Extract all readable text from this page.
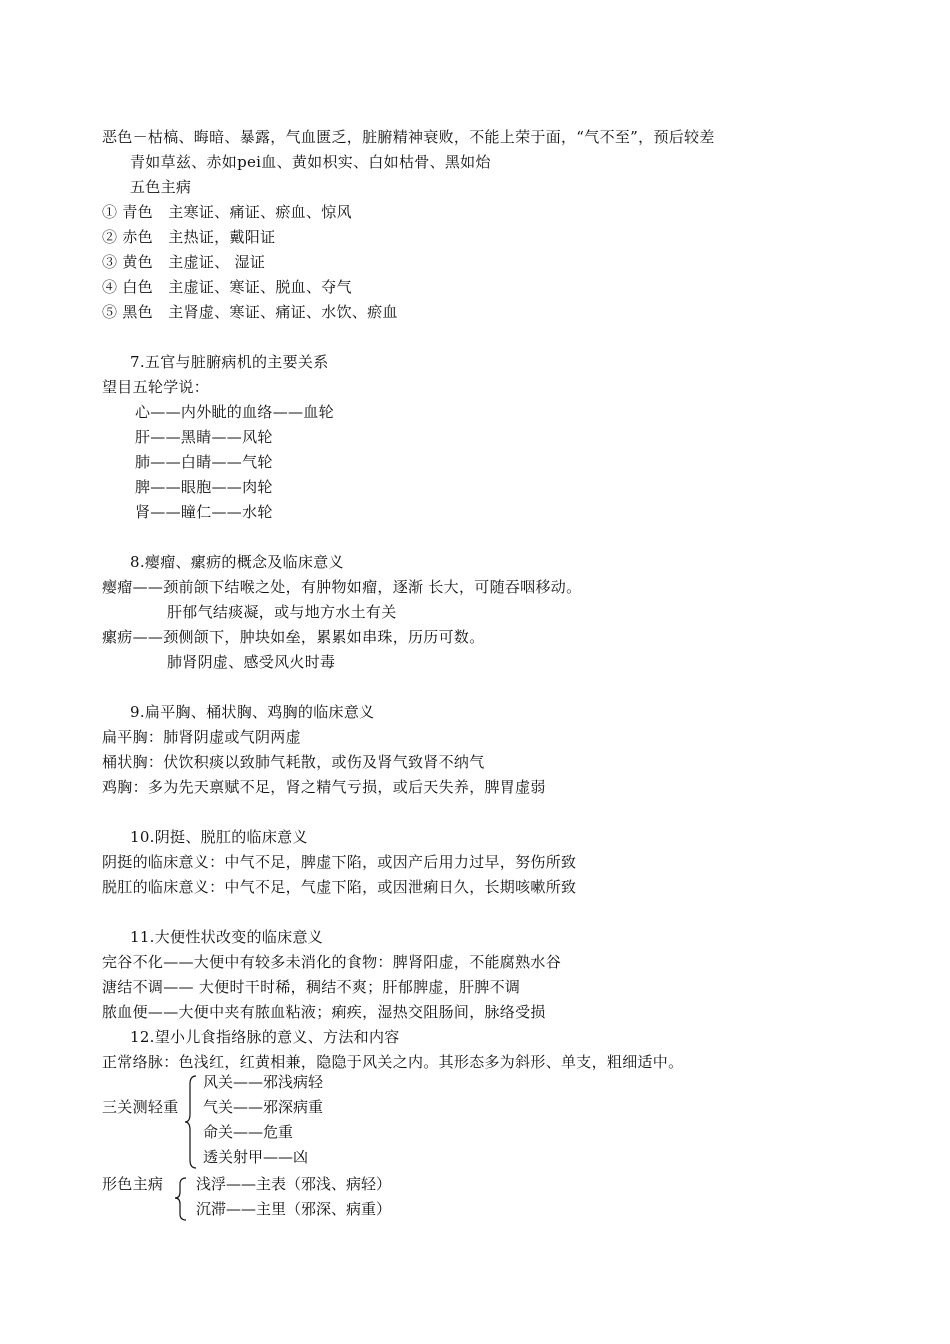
恶色－枯槁、晦暗、暴露，气血匮乏，脏腑精神衰败，不能上荣于面，“气不至”，预后较差
青如草兹、赤如pei血、黄如枳实、白如枯骨、黑如炲
五色主病
① 青色　主寒证、痛证、瘀血、惊风
② 赤色　主热证，戴阳证
③ 黄色　主虚证、 湿证
④ 白色　主虚证、寒证、脱血、夺气
⑤ 黑色　主肾虚、寒证、痛证、水饮、瘀血
7.五官与脏腑病机的主要关系
望目五轮学说：
心——内外眦的血络——血轮
肝——黑睛——风轮
肺——白睛——气轮
脾——眼胞——肉轮
肾——瞳仁——水轮
8.瘿瘤、瘰疬的概念及临床意义
瘿瘤——颈前颌下结喉之处，有肿物如瘤，逐渐 长大，可随吞咽移动。
肝郁气结痰凝，或与地方水土有关
瘰疬——颈侧颌下，肿块如垒，累累如串珠，历历可数。
肺肾阴虚、感受风火时毒
9.扁平胸、桶状胸、鸡胸的临床意义
扁平胸：肺肾阴虚或气阴两虚
桶状胸：伏饮积痰以致肺气耗散，或伤及肾气致肾不纳气
鸡胸：多为先天禀赋不足，肾之精气亏损，或后天失养，脾胃虚弱
10.阴挺、脱肛的临床意义
阴挺的临床意义：中气不足，脾虚下陷，或因产后用力过早，努伤所致
脱肛的临床意义：中气不足，气虚下陷，或因泄痢日久，长期咳嗽所致
11.大便性状改变的临床意义
完谷不化——大便中有较多未消化的食物：脾肾阳虚，不能腐熟水谷
溏结不调—— 大便时干时稀，稠结不爽；肝郁脾虚，肝脾不调
脓血便——大便中夹有脓血粘液；痢疾，湿热交阻肠间，脉络受损
12.望小儿食指络脉的意义、方法和内容
正常络脉：色浅红，红黄相兼，隐隐于风关之内。其形态多为斜形、单支，粗细适中。
三关测轻重
风关——邪浅病轻
气关——邪深病重
命关——危重
透关射甲——凶
形色主病 浅浮——主表（邪浅、病轻）
沉滞——主里（邪深、病重）
